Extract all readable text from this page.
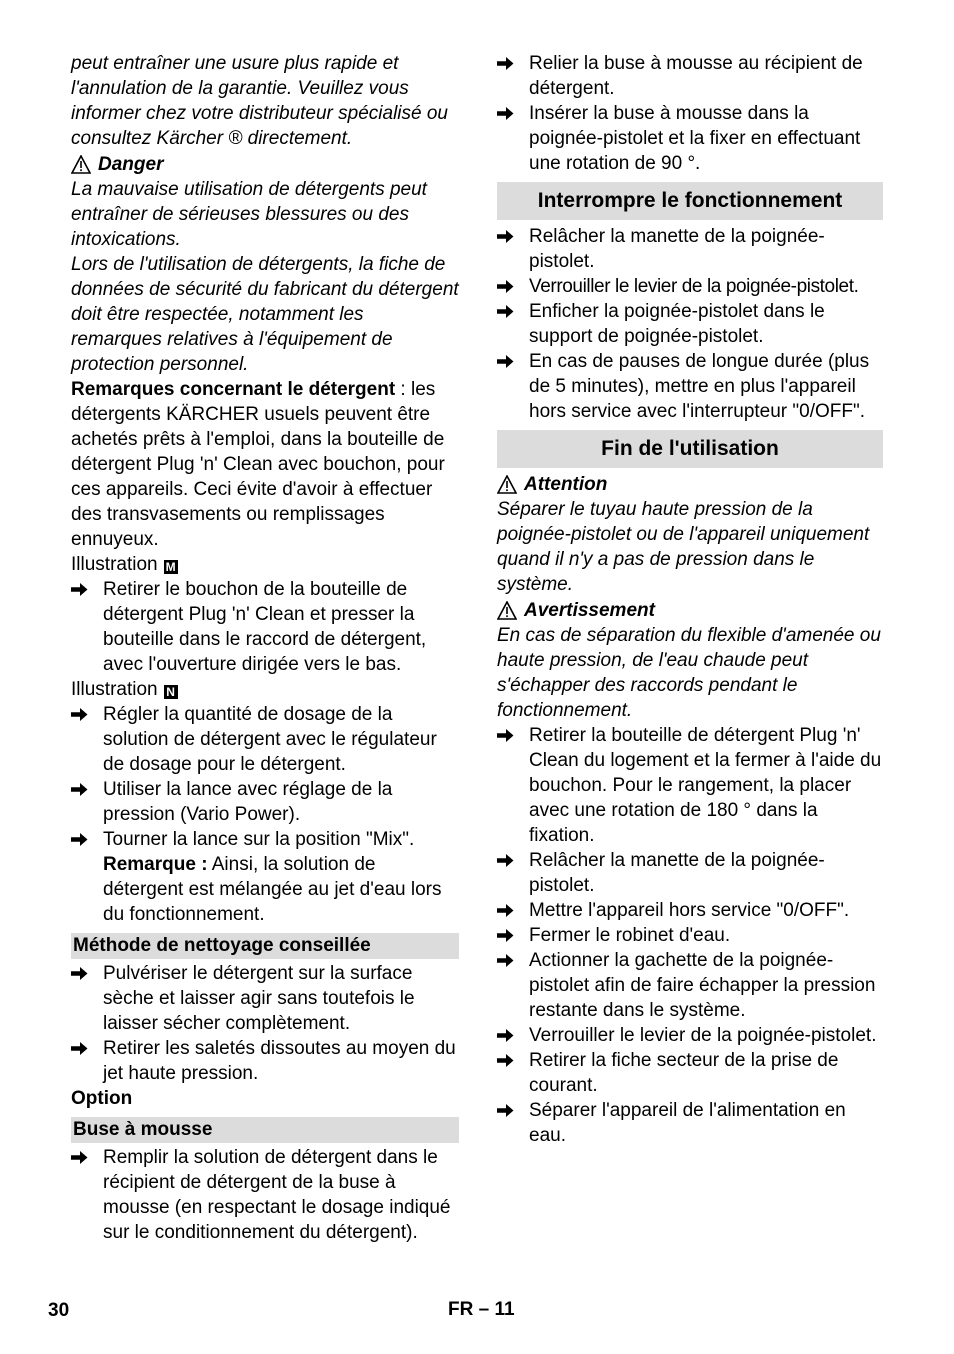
peut entraîner une usure plus rapide et l'annulation de la garantie. Veuillez vous informer chez votre distributeur spécialisé ou consultez Kärcher ® directement.

Danger

La mauvaise utilisation de détergents peut entraîner de sérieuses blessures ou des intoxications.

Lors de l'utilisation de détergents, la fiche de données de sécurité du fabricant du détergent doit être respectée, notamment les remarques relatives à l'équipement de protection personnel.

Remarques concernant le détergent : les détergents KÄRCHER usuels peuvent être achetés prêts à l'emploi, dans la bouteille de détergent Plug 'n' Clean avec bouchon, pour ces appareils. Ceci évite d'avoir à effectuer des transvasements ou remplissages ennuyeux.

Illustration M

Retirer le bouchon de la bouteille de détergent Plug 'n' Clean et presser la bouteille dans le raccord de détergent, avec l'ouverture dirigée vers le bas.

Illustration N

Régler la quantité de dosage de la solution de détergent avec le régulateur de dosage pour le détergent.
Utiliser la lance avec réglage de la pression (Vario Power).
Tourner la lance sur la position "Mix".
Remarque : Ainsi, la solution de détergent est mélangée au jet d'eau lors du fonctionnement.
Méthode de nettoyage conseillée
Pulvériser le détergent sur la surface sèche et laisser agir sans toutefois le laisser sécher complètement.
Retirer les saletés dissoutes au moyen du jet haute pression.

Option

Buse à mousse
Remplir la solution de détergent dans le récipient de détergent de la buse à mousse (en respectant le dosage indiqué sur le conditionnement du détergent).
Relier la buse à mousse au récipient de détergent.
Insérer la buse à mousse dans la poignée-pistolet et la fixer en effectuant une rotation de 90 °.
Interrompre le fonctionnement
Relâcher la manette de la poignée-pistolet.
Verrouiller le levier de la poignée-pistolet.
Enficher la poignée-pistolet dans le support de poignée-pistolet.
En cas de pauses de longue durée (plus de 5 minutes), mettre en plus l'appareil hors service avec l'interrupteur "0/OFF".
Fin de l'utilisation
Attention

Séparer le tuyau haute pression de la poignée-pistolet ou de l'appareil uniquement quand il n'y a pas de pression dans le système.

Avertissement

En cas de séparation du flexible d'amenée ou haute pression, de l'eau chaude peut s'échapper des raccords pendant le fonctionnement.

Retirer la bouteille de détergent Plug 'n' Clean du logement et la fermer à l'aide du bouchon. Pour le rangement, la placer avec une rotation de 180 ° dans la fixation.
Relâcher la manette de la poignée-pistolet.
Mettre l'appareil hors service "0/OFF".
Fermer le robinet d'eau.
Actionner la gachette de la poignée-pistolet afin de faire échapper la pression restante dans le système.
Verrouiller le levier de la poignée-pistolet.
Retirer la fiche secteur de la prise de courant.
Séparer l'appareil de l'alimentation en eau.
30	FR – 11
